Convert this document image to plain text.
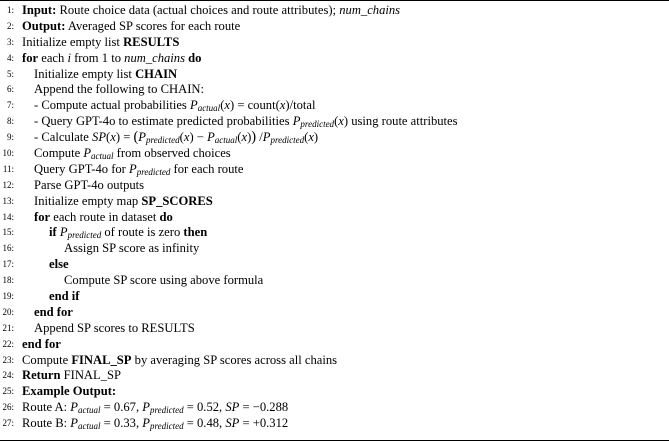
1: Input: Route choice data (actual choices and route attributes); num_chains
2: Output: Averaged SP scores for each route
3: Initialize empty list RESULTS
4: for each i from 1 to num_chains do
5: Initialize empty list CHAIN
6: Append the following to CHAIN:
7: - Compute actual probabilities $P_{actual}(x)$ = count(x)/total
8: - Query GPT-4o to estimate predicted probabilities $P_{predicted}(x)$ using route attributes
9: - Calculate $SP(x) = (P_{predicted}(x) - P_{actual}(x))$ $/P_{predicted}(x)$
10: Compute $P_{actual}$ from observed choices
11: Query GPT-4o for $P_{predicted}$ for each route
12: Parse GPT-4o outputs
13: Initialize empty map SP_SCORES
14: for each route in dataset do
15:	if $P_{predicted}$ of route is zero then
16:	Assign SP score as infinity
17:	else
18:	Compute SP score using above formula
19:	end if
20: end for
21: Append SP scores to RESULTS
22: end for
23: Compute FINAL_SP by averaging SP scores across all chains
24: Return FINAL_SP
25: Example Output:
26: Route A: $P_{actual} = 0.67$, $P_{predicted} = 0.52$, SP = −0.288
27: Route B: $P_{actual} = 0.33$, $P_{predicted} = 0.48$, SP = +0.312
